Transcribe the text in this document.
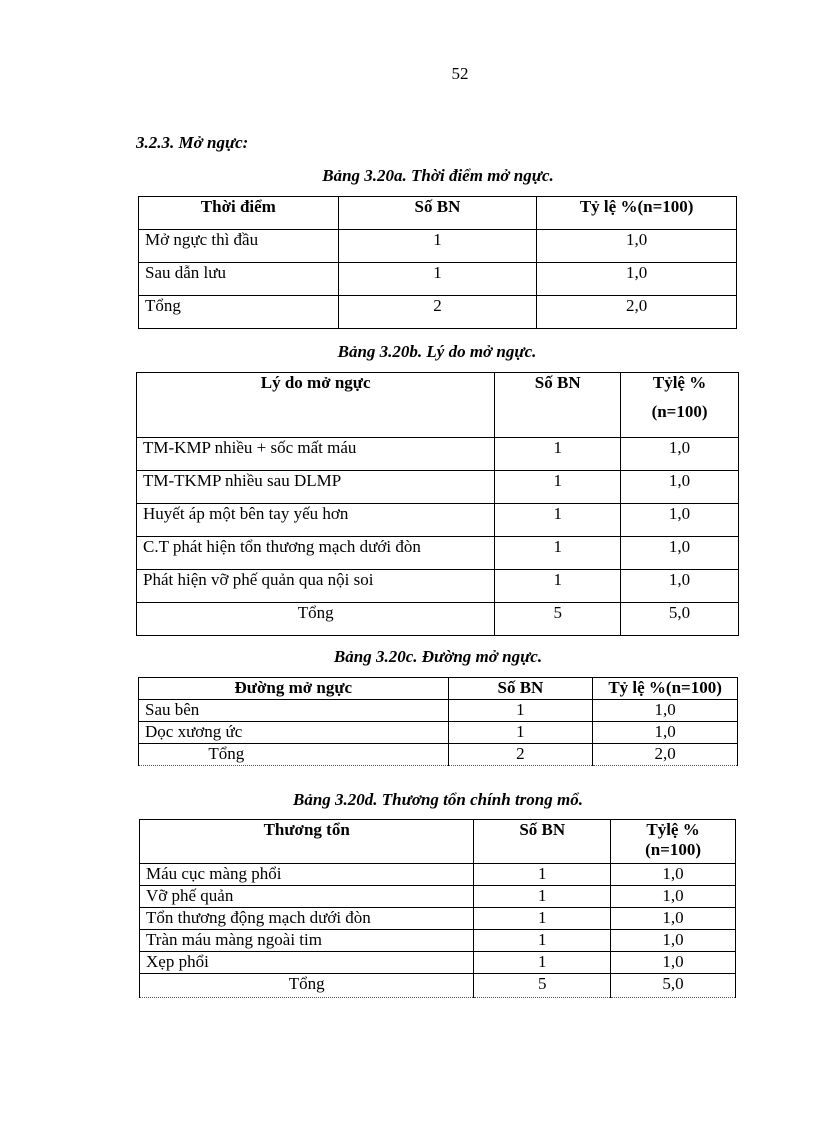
52
3.2.3. Mở ngực:
Bảng 3.20a. Thời điểm mở ngực.
Thời điểm	Số BN	Tỷ lệ %(n=100)
Mở ngực thì đầu	1	1,0
Sau dẫn lưu	1	1,0
Tổng	2	2,0
Bảng 3.20b. Lý do mở ngực.
Lý do mở ngực	Số BN	Tỷlệ %
(n=100)

TM-KMP nhiều + sốc mất máu	1	1,0
TM-TKMP nhiều sau DLMP	1	1,0
Huyết áp một bên tay yếu hơn	1	1,0
C.T phát hiện tổn thương mạch dưới đòn	1	1,0
Phát hiện vỡ phế quản qua nội soi	1	1,0
Tổng	5	5,0
Bảng 3.20c. Đường mở ngực.
Đường mở ngực	Số BN	Tỷ lệ %(n=100)
Sau bên	1	1,0
Dọc xương ức	1	1,0
Tổng	2	2,0
Bảng 3.20d. Thương tổn chính trong mổ.
Thương tổn	Số BN	Tỷlệ %
(n=100)

Máu cục màng phổi	1	1,0
Vỡ phế quản	1	1,0
Tổn thương động mạch dưới đòn	1	1,0
Tràn máu màng ngoài tim	1	1,0
Xẹp phổi	1	1,0
Tổng	5	5,0
